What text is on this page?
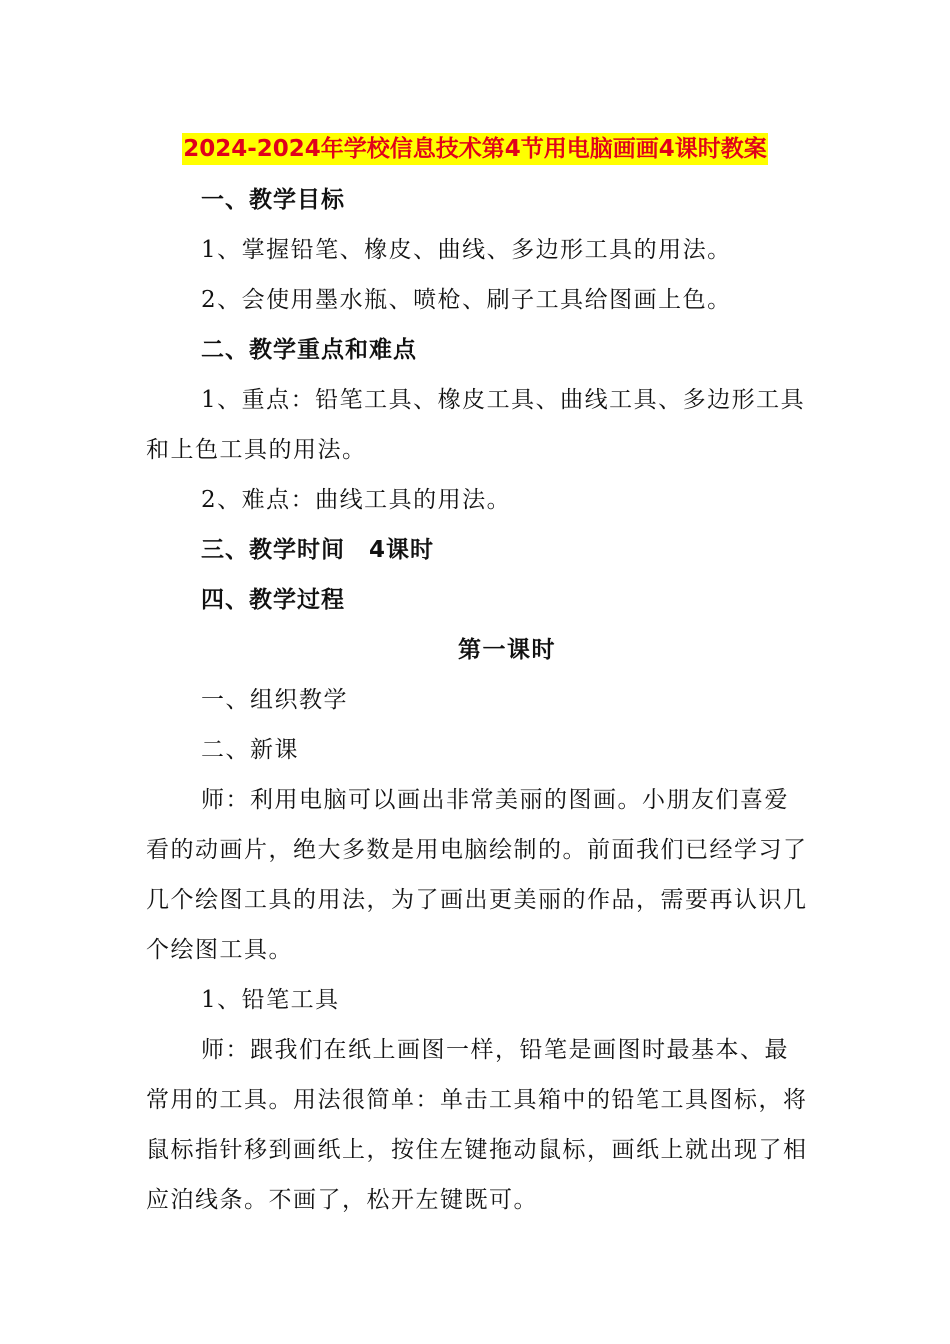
2024-2024年学校信息技术第4节用电脑画画4课时教案

一、教学目标

1、掌握铅笔、橡皮、曲线、多边形工具的用法。

2、会使用墨水瓶、喷枪、刷子工具给图画上色。

二、教学重点和难点

1、重点：铅笔工具、橡皮工具、曲线工具、多边形工具和上色工具的用法。

2、难点：曲线工具的用法。

三、教学时间　4课时

四、教学过程

第一课时

一、组织教学

二、新课

师：利用电脑可以画出非常美丽的图画。小朋友们喜爱看的动画片，绝大多数是用电脑绘制的。前面我们已经学习了几个绘图工具的用法，为了画出更美丽的作品，需要再认识几个绘图工具。

1、铅笔工具

师：跟我们在纸上画图一样，铅笔是画图时最基本、最常用的工具。用法很简单：单击工具箱中的铅笔工具图标，将鼠标指针移到画纸上，按住左键拖动鼠标，画纸上就出现了相应泊线条。不画了，松开左键既可。
